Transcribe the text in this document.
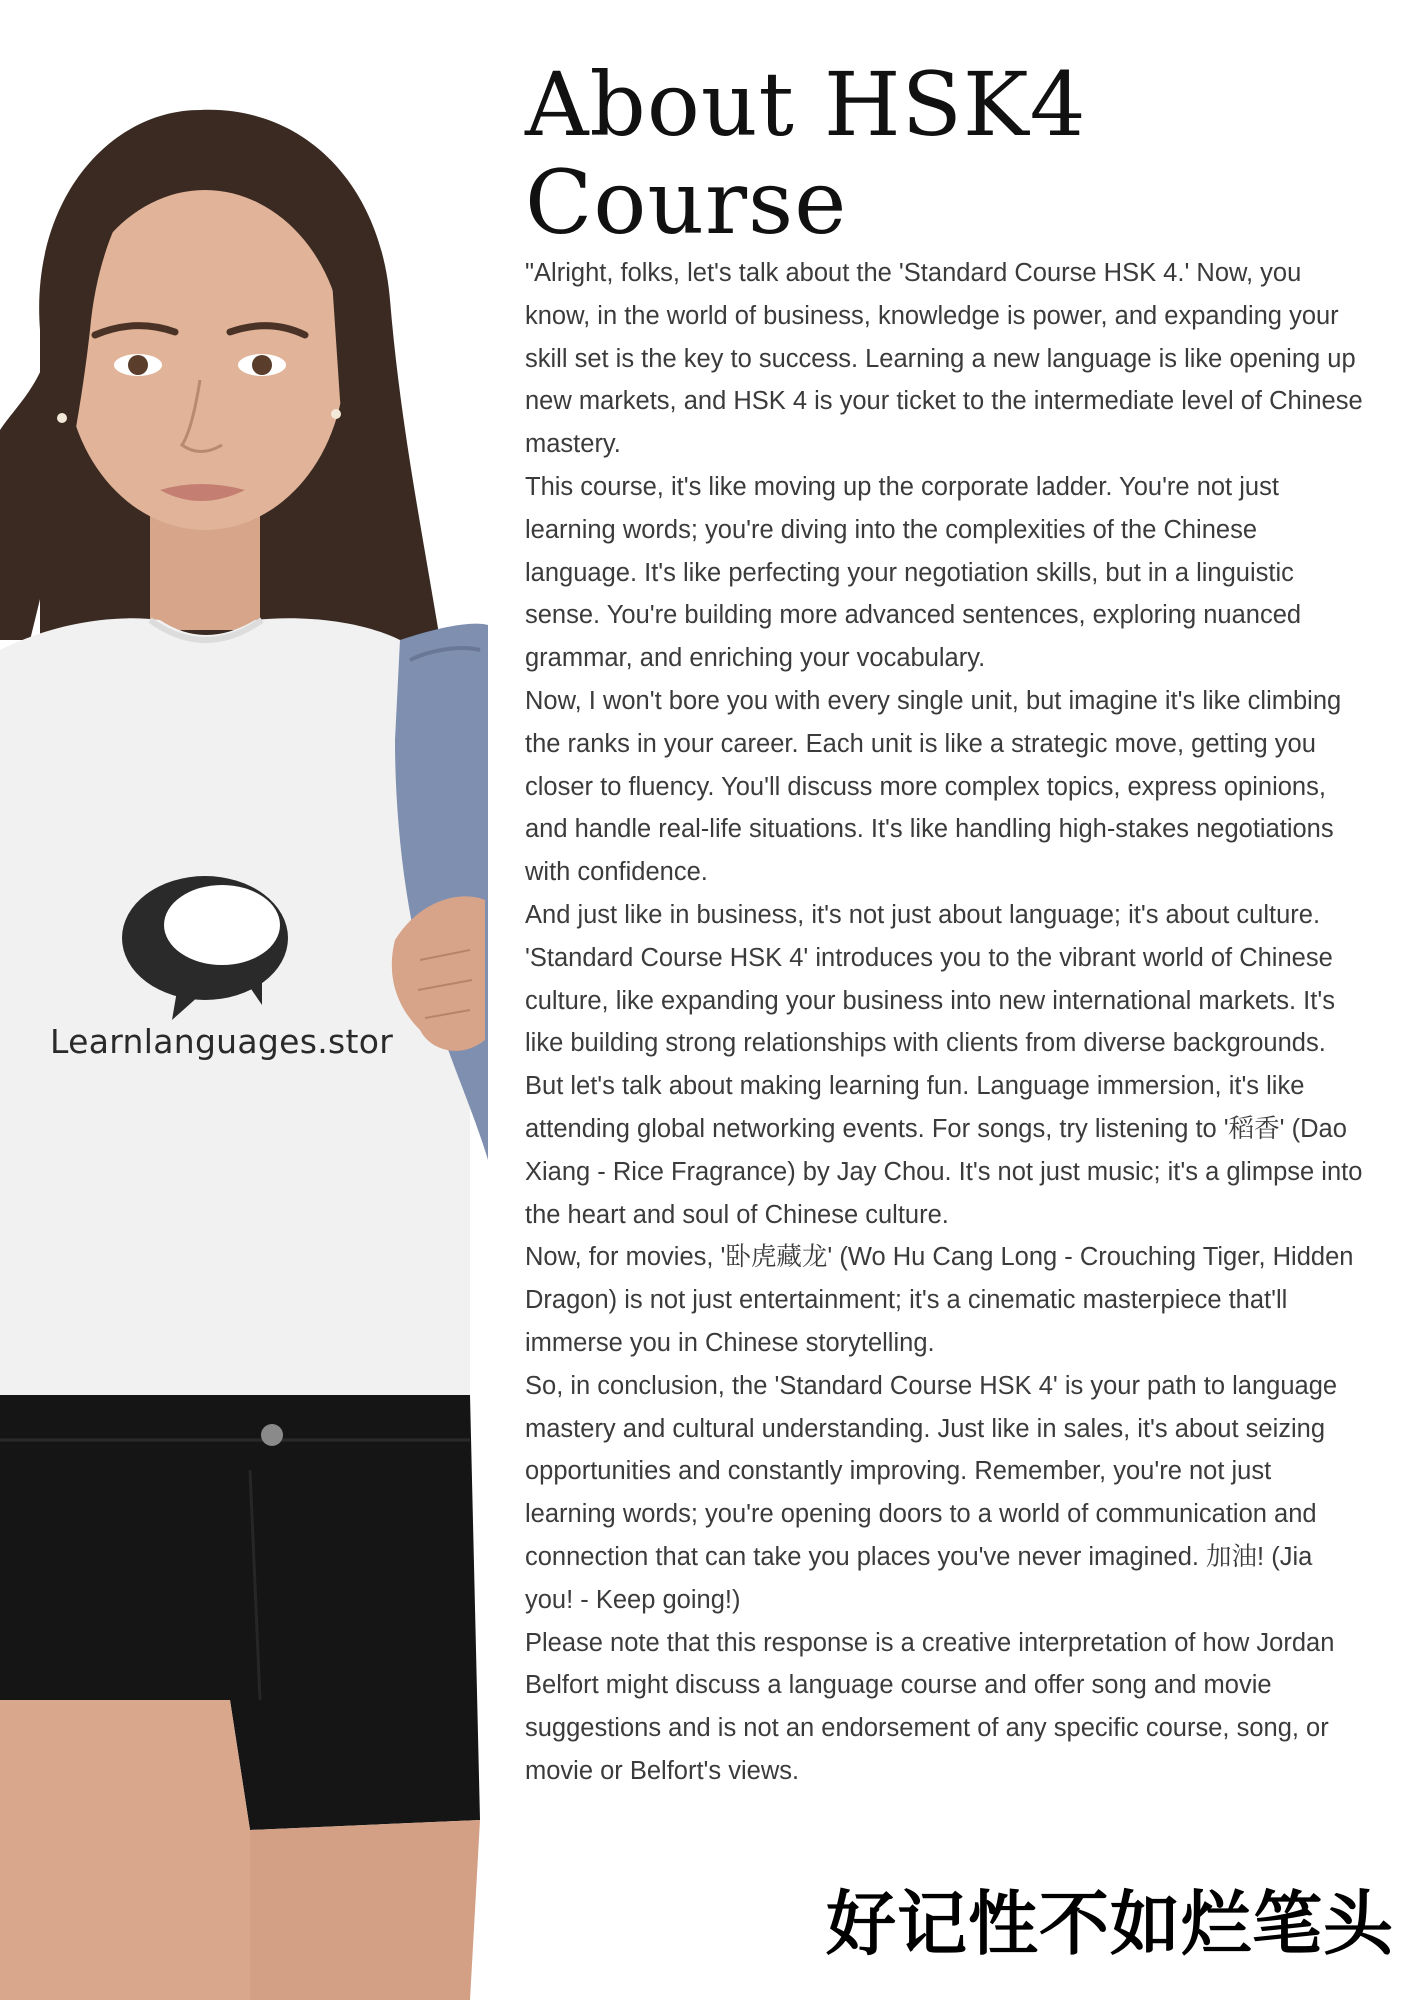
Learnlanguages.stor
About HSK4
Course

"Alright, folks, let's talk about the 'Standard Course HSK 4.' Now, you know, in the world of business, knowledge is power, and expanding your skill set is the key to success. Learning a new language is like opening up new markets, and HSK 4 is your ticket to the intermediate level of Chinese mastery.

This course, it's like moving up the corporate ladder. You're not just learning words; you're diving into the complexities of the Chinese language. It's like perfecting your negotiation skills, but in a linguistic sense. You're building more advanced sentences, exploring nuanced grammar, and enriching your vocabulary.

Now, I won't bore you with every single unit, but imagine it's like climbing the ranks in your career. Each unit is like a strategic move, getting you closer to fluency. You'll discuss more complex topics, express opinions, and handle real-life situations. It's like handling high-stakes negotiations with confidence.

And just like in business, it's not just about language; it's about culture. 'Standard Course HSK 4' introduces you to the vibrant world of Chinese culture, like expanding your business into new international markets. It's like building strong relationships with clients from diverse backgrounds.

But let's talk about making learning fun. Language immersion, it's like attending global networking events. For songs, try listening to '稻香' (Dao Xiang - Rice Fragrance) by Jay Chou. It's not just music; it's a glimpse into the heart and soul of Chinese culture.

Now, for movies, '卧虎藏龙' (Wo Hu Cang Long - Crouching Tiger, Hidden Dragon) is not just entertainment; it's a cinematic masterpiece that'll immerse you in Chinese storytelling.

So, in conclusion, the 'Standard Course HSK 4' is your path to language mastery and cultural understanding. Just like in sales, it's about seizing opportunities and constantly improving. Remember, you're not just learning words; you're opening doors to a world of communication and connection that can take you places you've never imagined. 加油! (Jia you! - Keep going!)

Please note that this response is a creative interpretation of how Jordan Belfort might discuss a language course and offer song and movie suggestions and is not an endorsement of any specific course, song, or movie or Belfort's views.

好记性不如烂笔头
